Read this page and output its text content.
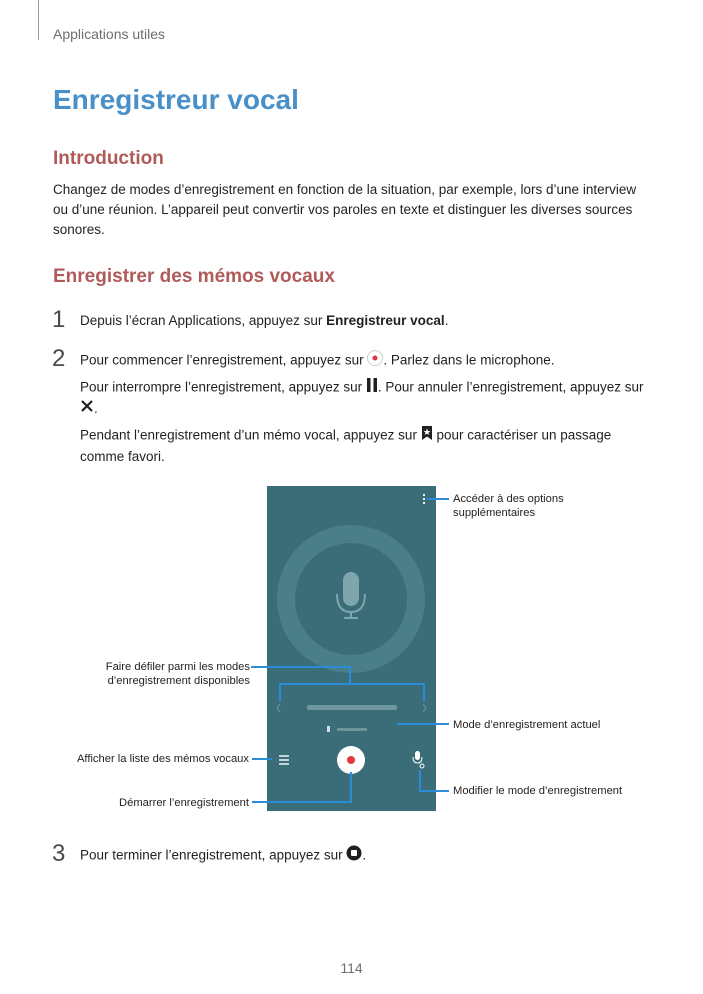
Applications utiles
Enregistreur vocal
Introduction
Changez de modes d’enregistrement en fonction de la situation, par exemple, lors d’une interview ou d’une réunion. L’appareil peut convertir vos paroles en texte et distinguer les diverses sources sonores.
Enregistrer des mémos vocaux
1 Depuis l’écran Applications, appuyez sur Enregistreur vocal.
2 Pour commencer l’enregistrement, appuyez sur . Parlez dans le microphone.
Pour interrompre l’enregistrement, appuyez sur . Pour annuler l’enregistrement, appuyez sur
.
Pendant l’enregistrement d’un mémo vocal, appuyez sur  pour caractériser un passage comme favori.
Accéder à des options supplémentaires
Faire défiler parmi les modes d’enregistrement disponibles
Mode d’enregistrement actuel
Afficher la liste des mémos vocaux
Modifier le mode d’enregistrement
Démarrer l’enregistrement
3 Pour terminer l’enregistrement, appuyez sur .
114
